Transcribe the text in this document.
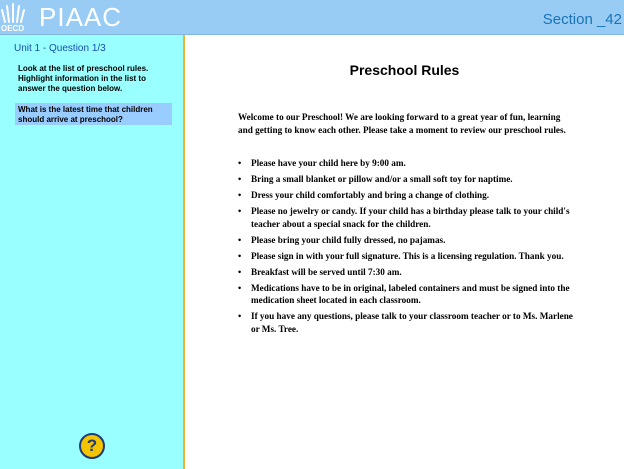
OECD PIAAC	Section _42
Unit 1 - Question 1/3
Look at the list of preschool rules. Highlight information in the list to answer the question below.
What is the latest time that children should arrive at preschool?
?
Preschool Rules
Welcome to our Preschool! We are looking forward to a great year of fun, learning and getting to know each other. Please take a moment to review our preschool rules.
• Please have your child here by 9:00 am.
• Bring a small blanket or pillow and/or a small soft toy for naptime.
• Dress your child comfortably and bring a change of clothing.
• Please no jewelry or candy. If your child has a birthday please talk to your child's teacher about a special snack for the children.
• Please bring your child fully dressed, no pajamas.
• Please sign in with your full signature. This is a licensing regulation. Thank you.
• Breakfast will be served until 7:30 am.
• Medications have to be in original, labeled containers and must be signed into the medication sheet located in each classroom.
• If you have any questions, please talk to your classroom teacher or to Ms. Marlene or Ms. Tree.
